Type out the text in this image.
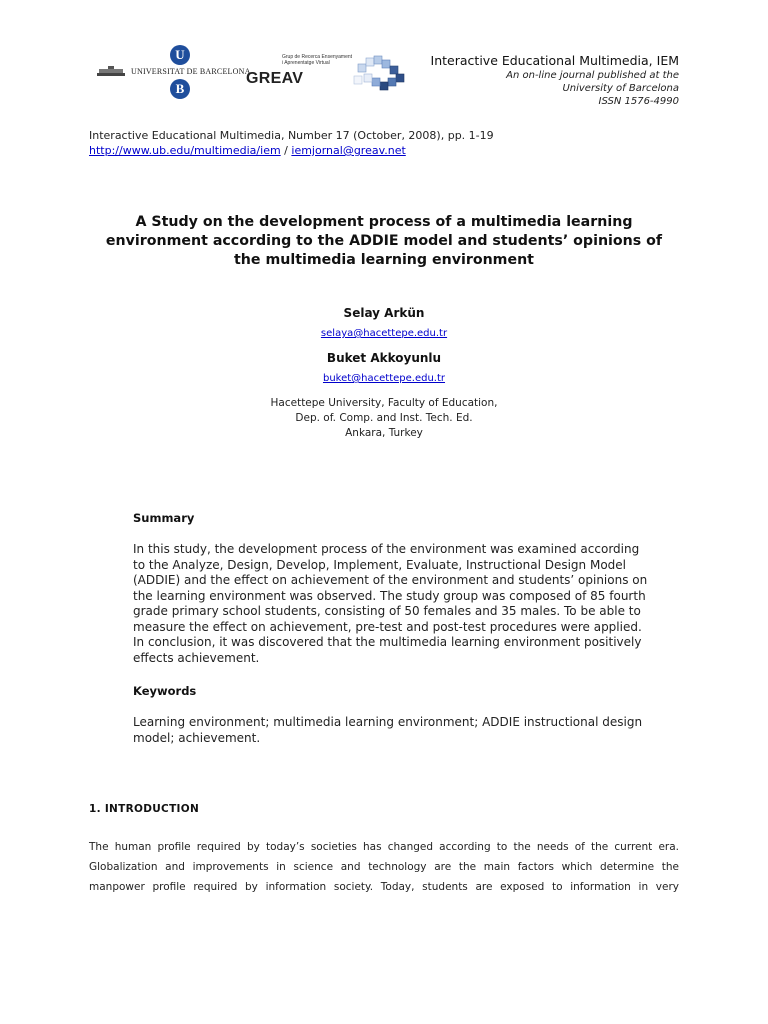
UNIVERSITAT DE BARCELONA
U
B
GREAV
Grup de Recerca Ensenyament
i Aprenentatge Virtual	Interactive Educational Multimedia, IEM
An on-line journal published at the
University of Barcelona
ISSN 1576-4990
Interactive Educational Multimedia, Number 17 (October, 2008), pp. 1-19
http://www.ub.edu/multimedia/iem / iemjornal@greav.net
A Study on the development process of a multimedia learning
environment according to the ADDIE model and students’ opinions of
the multimedia learning environment
Selay Arkün
selaya@hacettepe.edu.tr
Buket Akkoyunlu
buket@hacettepe.edu.tr
Hacettepe University, Faculty of Education,
Dep. of. Comp. and Inst. Tech. Ed.
Ankara, Turkey
Summary
In this study, the development process of the environment was examined according
to the Analyze, Design, Develop, Implement, Evaluate, Instructional Design Model
(ADDIE) and the effect on achievement of the environment and students’ opinions on
the learning environment was observed. The study group was composed of 85 fourth
grade primary school students, consisting of 50 females and 35 males. To be able to
measure the effect on achievement, pre-test and post-test procedures were applied.
In conclusion, it was discovered that the multimedia learning environment positively
effects achievement.
Keywords
Learning environment; multimedia learning environment; ADDIE instructional design
model; achievement.
1. INTRODUCTION
The human profile required by today’s societies has changed according to the needs of the current era.
Globalization and improvements in science and technology are the main factors which determine the
manpower profile required by information society. Today, students are exposed to information in very
